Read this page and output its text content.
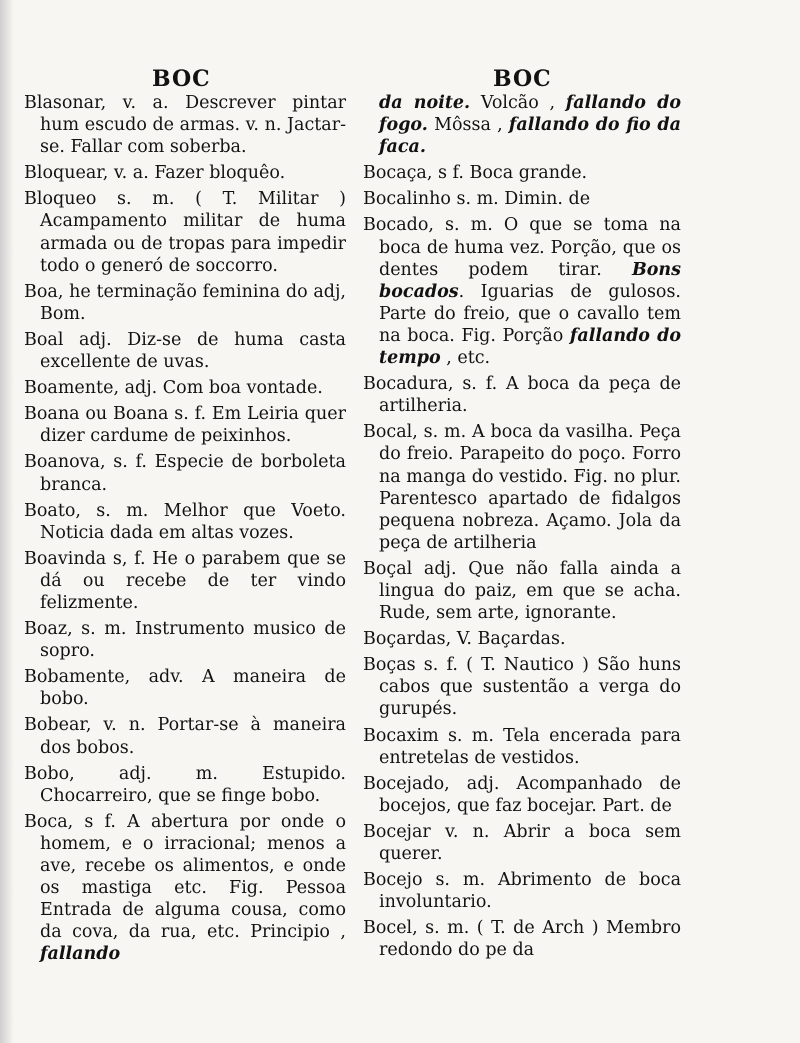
BOC	BOC

Blasonar, v. a. Descrever pintar hum escudo de armas. v. n. Jactar-se. Fallar com soberba.

Bloquear, v. a. Fazer bloquêo.

Bloqueo s. m. ( T. Militar ) Acampamento militar de huma armada ou de tropas para impedir todo o generó de soccorro.

Boa, he terminação feminina do adj, Bom.

Boal adj. Diz-se de huma casta excellente de uvas.

Boamente, adj. Com boa vontade.

Boana ou Boana s. f. Em Leiria quer dizer cardume de peixinhos.

Boanova, s. f. Especie de borboleta branca.

Boato, s. m. Melhor que Voeto. Noticia dada em altas vozes.

Boavinda s, f. He o parabem que se dá ou recebe de ter vindo felizmente.

Boaz, s. m. Instrumento musico de sopro.

Bobamente, adv. A maneira de bobo.

Bobear, v. n. Portar-se à maneira dos bobos.

Bobo, adj. m. Estupido. Chocarreiro, que se finge bobo.

Boca, s f. A abertura por onde o homem, e o irracional; menos a ave, recebe os alimentos, e onde os mastiga etc. Fig. Pessoa Entrada de alguma cousa, como da cova, da rua, etc. Principio , fallando

da noite. Volcão , fallando do fogo. Môssa , fallando do fio da faca.

Bocaça, s f. Boca grande.

Bocalinho s. m. Dimin. de

Bocado, s. m. O que se toma na boca de huma vez. Porção, que os dentes podem tirar. Bons bocados. Iguarias de gulosos. Parte do freio, que o cavallo tem na boca. Fig. Porção fallando do tempo , etc.

Bocadura, s. f. A boca da peça de artilheria.

Bocal, s. m. A boca da vasilha. Peça do freio. Parapeito do poço. Forro na manga do vestido. Fig. no plur. Parentesco apartado de fidalgos pequena nobreza. Açamo. Jola da peça de artilheria

Boçal adj. Que não falla ainda a lingua do paiz, em que se acha. Rude, sem arte, ignorante.

Boçardas, V. Baçardas.

Boças s. f. ( T. Nautico ) São huns cabos que sustentão a verga do gurupés.

Bocaxim s. m. Tela encerada para entretelas de vestidos.

Bocejado, adj. Acompanhado de bocejos, que faz bocejar. Part. de

Bocejar v. n. Abrir a boca sem querer.

Bocejo s. m. Abrimento de boca involuntario.

Bocel, s. m. ( T. de Arch ) Membro redondo do pe da
